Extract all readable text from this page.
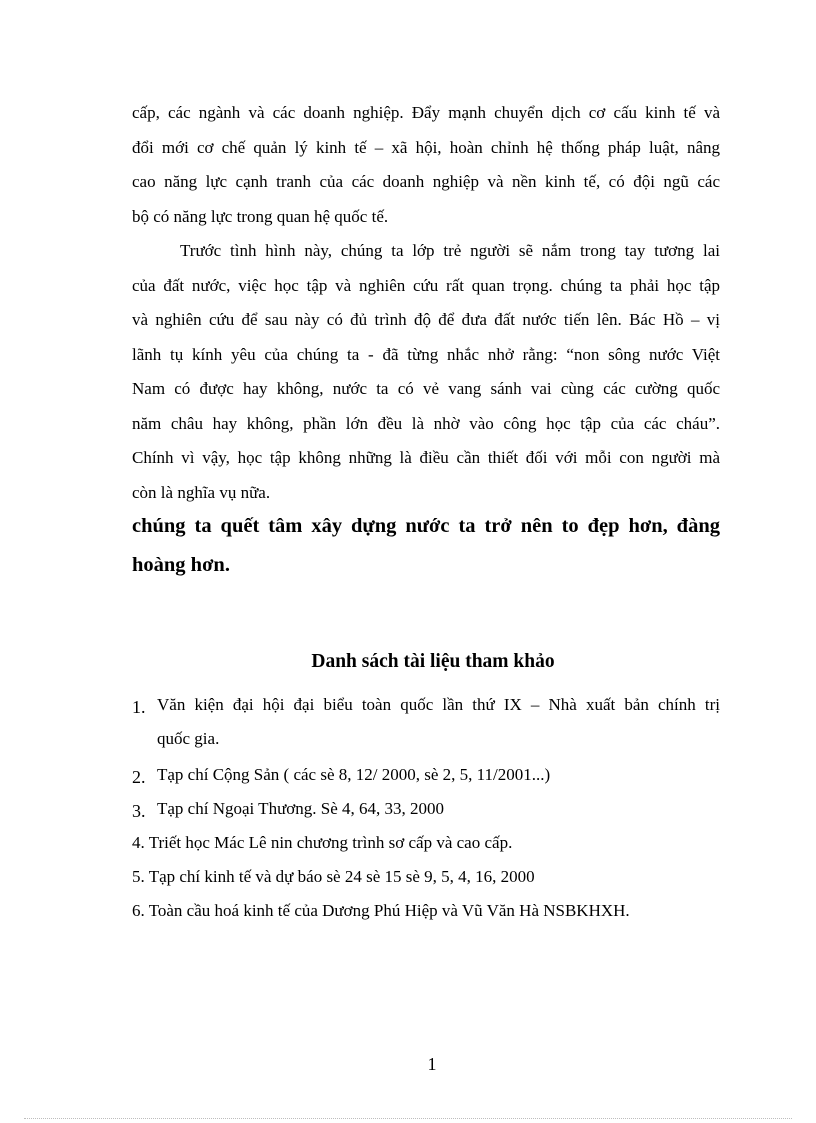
cấp, các ngành và các doanh nghiệp. Đẩy mạnh chuyển dịch cơ cấu kinh tế và
đổi mới cơ chế quản lý kinh tế – xã hội, hoàn chỉnh hệ thống pháp luật, nâng
cao năng lực cạnh tranh của các doanh nghiệp và nền kinh tế, có đội ngũ các
bộ có năng lực trong quan hệ quốc tế.

Trước tình hình này, chúng ta lớp trẻ người sẽ nắm trong tay tương lai
của đất nước, việc học tập và nghiên cứu rất quan trọng. chúng ta phải học tập
và nghiên cứu để sau này có đủ trình độ để đưa đất nước tiến lên. Bác Hồ – vị
lãnh tụ kính yêu của chúng ta - đã từng nhắc nhở rằng: “non sông nước Việt
Nam có được hay không, nước ta có vẻ vang sánh vai cùng các cường quốc
năm châu hay không, phần lớn đều là nhờ vào công học tập của các cháu”.
Chính vì vậy, học tập không những là điều cần thiết đối với mỗi con người mà
còn là nghĩa vụ nữa.

chúng ta quết tâm xây dựng nước ta trở nên to đẹp hơn, đàng
hoàng hơn.

Danh sách tài liệu tham khảo
1. Văn kiện đại hội đại biểu toàn quốc lần thứ IX – Nhà xuất bản chính trị
quốc gia.
2. Tạp chí Cộng Sản ( các sè 8, 12/ 2000, sè 2, 5, 11/2001...)
3. Tạp chí Ngoại Thương. Sè 4, 64, 33, 2000
4. Triết học Mác Lê nin chương trình sơ cấp và cao cấp.
5. Tạp chí kinh tế và dự báo sè 24 sè 15 sè 9, 5, 4, 16, 2000
6. Toàn cầu hoá kinh tế của Dương Phú Hiệp và Vũ Văn Hà NSBKHXH.
1
